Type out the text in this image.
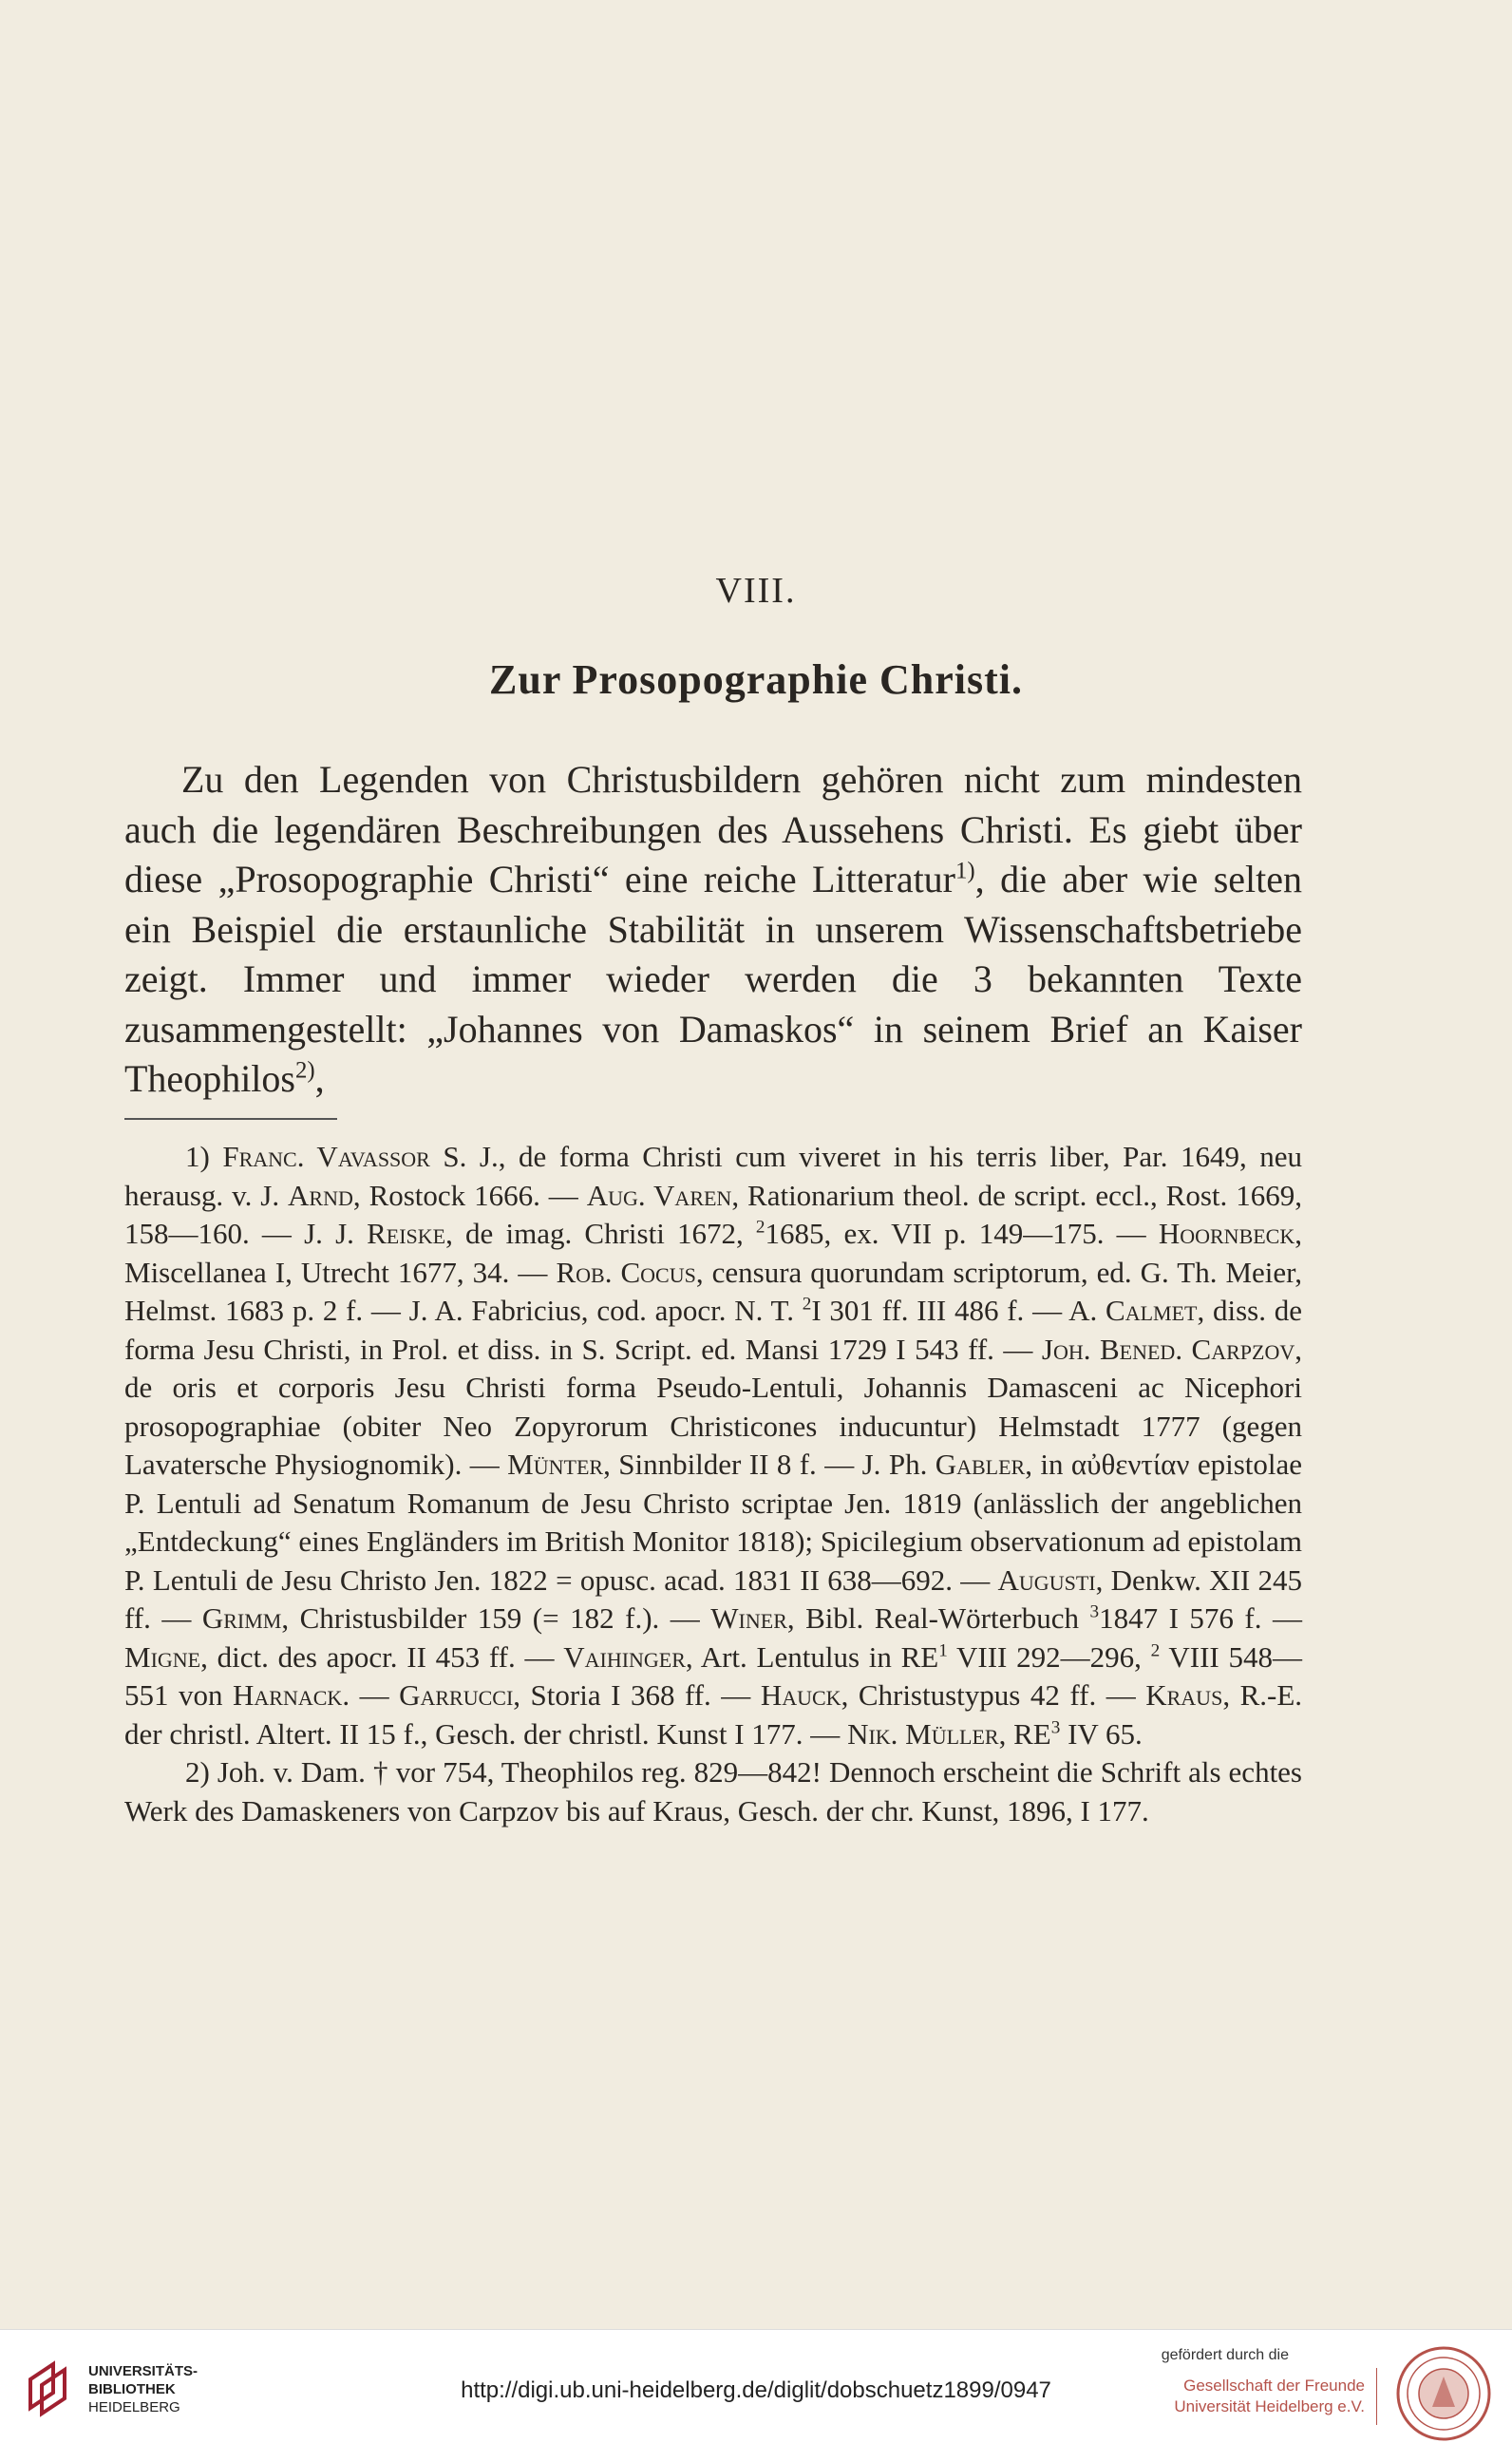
VIII.
Zur Prosopographie Christi.
Zu den Legenden von Christusbildern gehören nicht zum mindesten auch die legendären Beschreibungen des Aussehens Christi. Es giebt über diese „Prosopographie Christi“ eine reiche Litteratur$^{1)}$, die aber wie selten ein Beispiel die erstaunliche Stabilität in unserem Wissenschaftsbetriebe zeigt. Immer und immer wieder werden die 3 bekannten Texte zusammengestellt: „Johannes von Damaskos“ in seinem Brief an Kaiser Theophilos$^{2)}$,

1) Franc. Vavassor S. J., de forma Christi cum viveret in his terris liber, Par. 1649, neu herausg. v. J. Arnd, Rostock 1666. — Aug. Varen, Rationarium theol. de script. eccl., Rost. 1669, 158—160. — J. J. Reiske, de imag. Christi 1672, $^2$1685, ex. VII p. 149—175. — Hoornbeck, Miscellanea I, Utrecht 1677, 34. — Rob. Cocus, censura quorundam scriptorum, ed. G. Th. Meier, Helmst. 1683 p. 2 f. — J. A. Fabricius, cod. apocr. N. T. $^2$I 301 ff. III 486 f. — A. Calmet, diss. de forma Jesu Christi, in Prol. et diss. in S. Script. ed. Mansi 1729 I 543 ff. — Joh. Bened. Carpzov, de oris et corporis Jesu Christi forma Pseudo-Lentuli, Johannis Damasceni ac Nicephori prosopographiae (obiter Neo Zopyrorum Christicones inducuntur) Helmstadt 1777 (gegen Lavatersche Physiognomik). — Münter, Sinnbilder II 8 f. — J. Ph. Gabler, in αὐθεντίαν epistolae P. Lentuli ad Senatum Romanum de Jesu Christo scriptae Jen. 1819 (anlässlich der angeblichen „Entdeckung“ eines Engländers im British Monitor 1818); Spicilegium observationum ad epistolam P. Lentuli de Jesu Christo Jen. 1822 = opusc. acad. 1831 II 638—692. — Augusti, Denkw. XII 245 ff. — Grimm, Christusbilder 159 (= 182 f.). — Winer, Bibl. Real-Wörterbuch $^3$1847 I 576 f. — Migne, dict. des apocr. II 453 ff. — Vaihinger, Art. Lentulus in $RE^1$ VIII 292—296, $^2$ VIII 548—551 von Harnack. — Garrucci, Storia I 368 ff. — Hauck, Christustypus 42 ff. — Kraus, R.-E. der christl. Altert. II 15 f., Gesch. der christl. Kunst I 177. — Nik. Müller, $RE^3$ IV 65.

2) Joh. v. Dam. † vor 754, Theophilos reg. 829—842! Dennoch erscheint die Schrift als echtes Werk des Damaskeners von Carpzov bis auf Kraus, Gesch. der chr. Kunst, 1896, I 177.

UNIVERSITÄTS-
BIBLIOTHEK
HEIDELBERG
http://digi.ub.uni-heidelberg.de/diglit/dobschuetz1899/0947
gefördert durch die
Gesellschaft der Freunde
Universität Heidelberg e.V.
